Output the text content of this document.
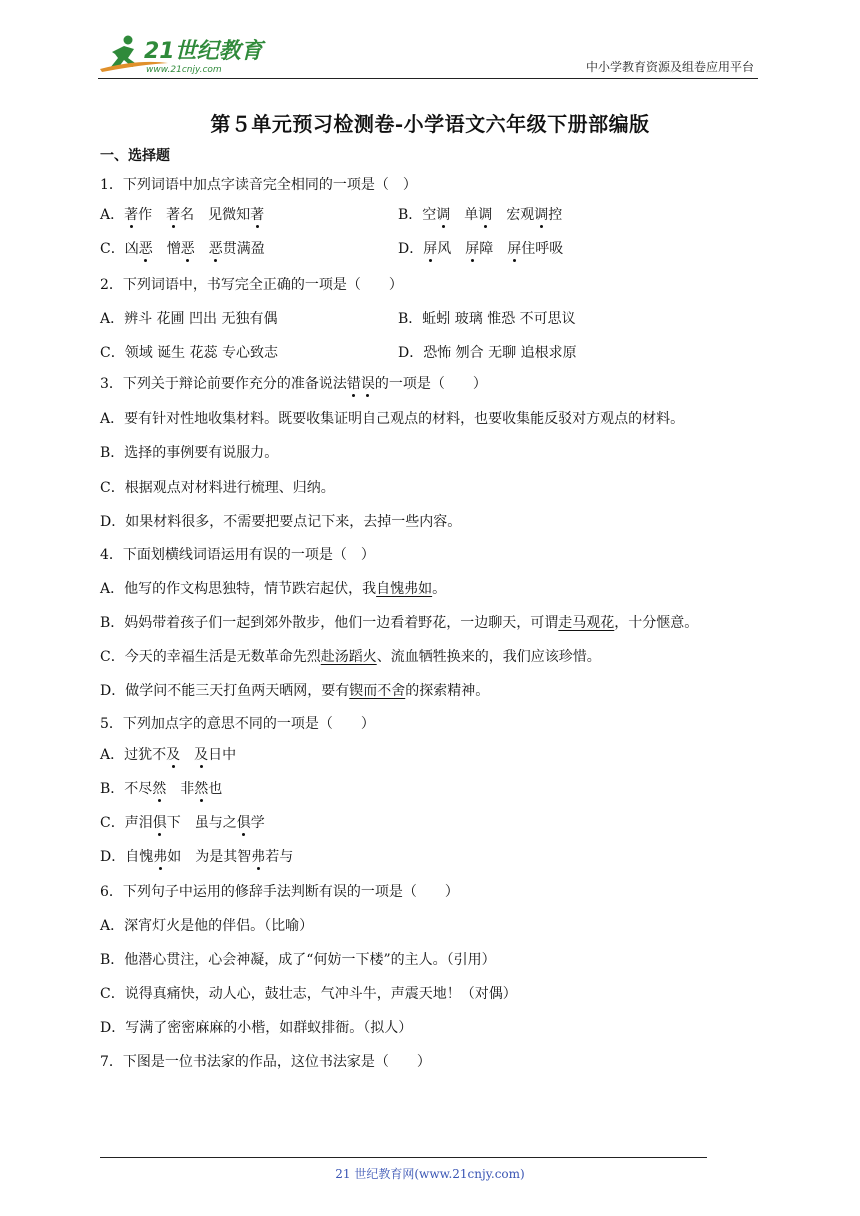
21世纪教育
www.21cnjy.com	中小学教育资源及组卷应用平台
第５单元预习检测卷-小学语文六年级下册部编版
一、选择题
1．下列词语中加点字读音完全相同的一项是（　）
A．著作 著名 见微知著	B．空调 单调 宏观调控
C．凶恶 憎恶 恶贯满盈	D．屏风 屏障 屏住呼吸
2．下列词语中，书写完全正确的一项是（　　）
A．辨斗 花圃 凹出 无独有偶	B．蚯蚓 玻璃 惟恐 不可思议
C．领域 诞生 花蕊 专心致志	D．恐怖 刎合 无聊 追根求原
3．下列关于辩论前要作充分的准备说法错误的一项是（　　）
A．要有针对性地收集材料。既要收集证明自己观点的材料，也要收集能反驳对方观点的材料。
B．选择的事例要有说服力。
C．根据观点对材料进行梳理、归纳。
D．如果材料很多，不需要把要点记下来，去掉一些内容。
4．下面划横线词语运用有误的一项是（　）
A．他写的作文构思独特，情节跌宕起伏，我自愧弗如。
B．妈妈带着孩子们一起到郊外散步，他们一边看着野花，一边聊天，可谓走马观花，十分惬意。
C．今天的幸福生活是无数革命先烈赴汤蹈火、流血牺牲换来的，我们应该珍惜。
D．做学问不能三天打鱼两天晒网，要有锲而不舍的探索精神。
5．下列加点字的意思不同的一项是（　　）
A．过犹不及 及日中
B．不尽然 非然也
C．声泪俱下 虽与之俱学
D．自愧弗如 为是其智弗若与
6．下列句子中运用的修辞手法判断有误的一项是（　　）
A．深宵灯火是他的伴侣。（比喻）
B．他潜心贯注，心会神凝，成了“何妨一下楼”的主人。（引用）
C．说得真痛快，动人心，鼓壮志，气冲斗牛，声震天地！（对偶）
D．写满了密密麻麻的小楷，如群蚁排衙。（拟人）
7．下图是一位书法家的作品，这位书法家是（　　）
21 世纪教育网(www.21cnjy.com)
